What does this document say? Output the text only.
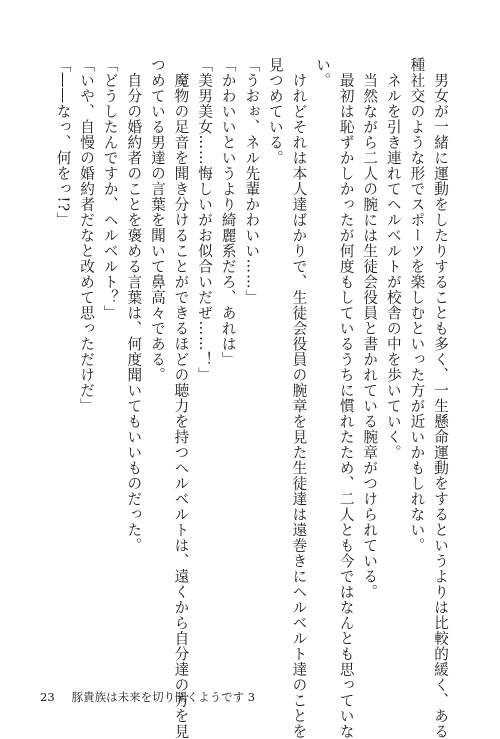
　男女が一緒に運動をしたりすることも多く、一生懸命運動をするというよりは比較的緩く、ある
種社交のような形でスポーツを楽しむといった方が近いかもしれない。
　ネルを引き連れてヘルベルトが校舎の中を歩いていく。
　当然ながら二人の腕には生徒会役員と書かれている腕章がつけられている。
　最初は恥ずかしかったが何度もしているうちに慣れたため、二人とも今ではなんとも思っていな
い。
　けれどそれは本人達ばかりで、生徒会役員の腕章を見た生徒達は遠巻きにヘルベルト達のことを
見つめている。
「うおぉ、ネル先輩かわいい……」
「かわいいというより綺麗系だろ、あれは」
「美男美女……悔しいがお似合いだぜ……！」
　魔物の足音を聞き分けることができるほどの聴力を持つヘルベルトは、遠くから自分達の方を見
つめている男達の言葉を聞いて鼻高々である。
　自分の婚約者のことを褒める言葉は、何度聞いてもいいものだった。
「どうしたんですか、ヘルベルト？」
「いや、自慢の婚約者だなと改めて思っただけだ」
「――なっ、何をっ!?」
23 豚貴族は未来を切り開くようです 3
